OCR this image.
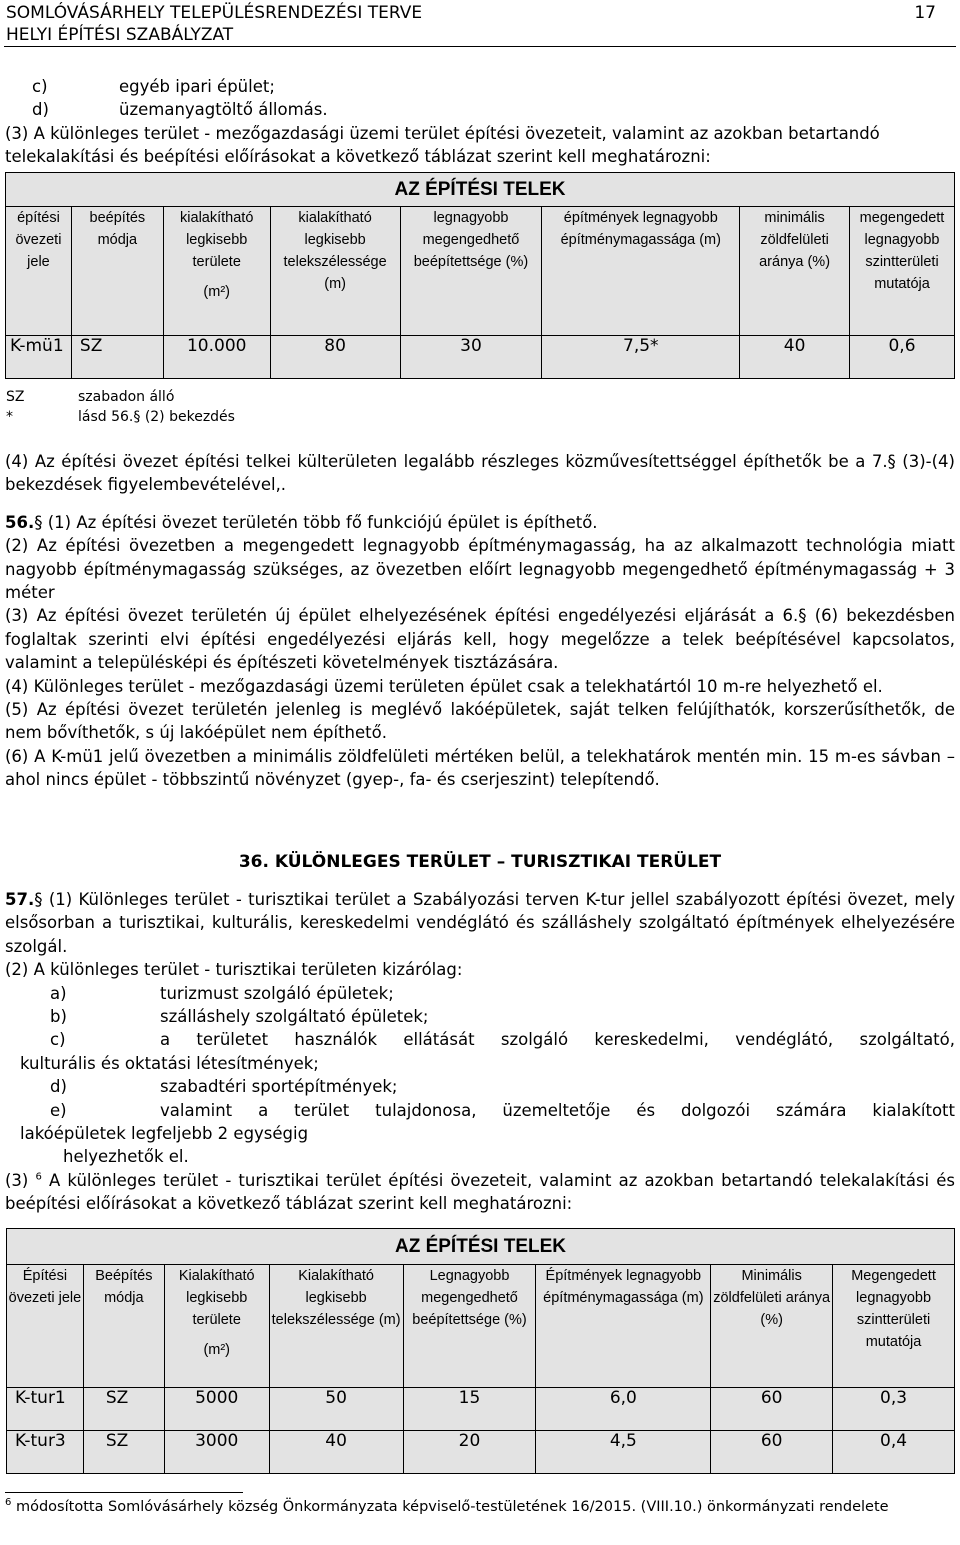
SOMLÓVÁSÁRHELY TELEPÜLÉSRENDEZÉSI TERVE	17
HELYI ÉPÍTÉSI SZABÁLYZAT
c)	egyéb ipari épület;
d)	üzemanyagtöltő állomás.

(3) A különleges terület - mezőgazdasági üzemi terület építési övezeteit, valamint az azokban betartandó telekalakítási és beépítési előírásokat a következő táblázat szerint kell meghatározni:

AZ ÉPÍTÉSI TELEK							
építési övezeti jele	beépítés módja	kialakítható legkisebb területe
(m²)	kialakítható legkisebb telekszélessége (m)	legnagyobb megengedhető beépítettsége (%)	építmények legnagyobb építménymagassága (m)	minimális zöldfelületi aránya (%)	megengedett legnagyobb szintterületi mutatója
K-mü1	SZ	10.000	80	30	7,5*	40	0,6
SZ	szabadon álló
*	lásd 56.§ (2) bekezdés

(4) Az építési övezet építési telkei külterületen legalább részleges közművesítettséggel építhetők be a 7.§ (3)-(4) bekezdések figyelembevételével,.

56.§ (1) Az építési övezet területén több fő funkciójú épület is építhető.

(2) Az építési övezetben a megengedett legnagyobb építménymagasság, ha az alkalmazott technológia miatt nagyobb építménymagasság szükséges, az övezetben előírt legnagyobb megengedhető építménymagasság + 3 méter

(3) Az építési övezet területén új épület elhelyezésének építési engedélyezési eljárását a 6.§ (6) bekezdésben foglaltak szerinti elvi építési engedélyezési eljárás kell, hogy megelőzze a telek beépítésével kapcsolatos, valamint a településképi és építészeti követelmények tisztázására.

(4) Különleges terület - mezőgazdasági üzemi területen épület csak a telekhatártól 10 m-re helyezhető el.

(5) Az építési övezet területén jelenleg is meglévő lakóépületek, saját telken felújíthatók, korszerűsíthetők, de nem bővíthetők, s új lakóépület nem építhető.

(6) A K-mü1 jelű övezetben a minimális zöldfelületi mértéken belül, a telekhatárok mentén min. 15 m-es sávban – ahol nincs épület - többszintű növényzet (gyep-, fa- és cserjeszint) telepítendő.

36. KÜLÖNLEGES TERÜLET – TURISZTIKAI TERÜLET

57.§ (1) Különleges terület - turisztikai terület a Szabályozási terven K-tur jellel szabályozott építési övezet, mely elsősorban a turisztikai, kulturális, kereskedelmi vendéglátó és szálláshely szolgáltató építmények elhelyezésére szolgál.

(2) A különleges terület - turisztikai területen kizárólag:

a)	turizmust szolgáló épületek;
b)	szálláshely szolgáltató épületek;
c)	a területet használók ellátását szolgáló kereskedelmi, vendéglátó, szolgáltató,
kulturális és oktatási létesítmények;
d)	szabadtéri sportépítmények;
e)	valamint a terület tulajdonosa, üzemeltetője és dolgozói számára kialakított
lakóépületek legfeljebb 2 egységig
helyezhetők el.

(3) $^6$ A különleges terület - turisztikai terület építési övezeteit, valamint az azokban betartandó telekalakítási és beépítési előírásokat a következő táblázat szerint kell meghatározni:

AZ ÉPÍTÉSI TELEK							
Építési övezeti jele	Beépítés módja	Kialakítható legkisebb területe
(m²)	Kialakítható legkisebb telekszélessége (m)	Legnagyobb megengedhető beépítettsége (%)	Építmények legnagyobb építménymagassága (m)	Minimális zöldfelületi aránya (%)	Megengedett legnagyobb szintterületi mutatója
K-tur1	SZ	5000	50	15	6,0	60	0,3
K-tur3	SZ	3000	40	20	4,5	60	0,4
$^6$ módosította Somlóvásárhely község Önkormányzata képviselő-testületének 16/2015. (VIII.10.) önkormányzati rendelete
